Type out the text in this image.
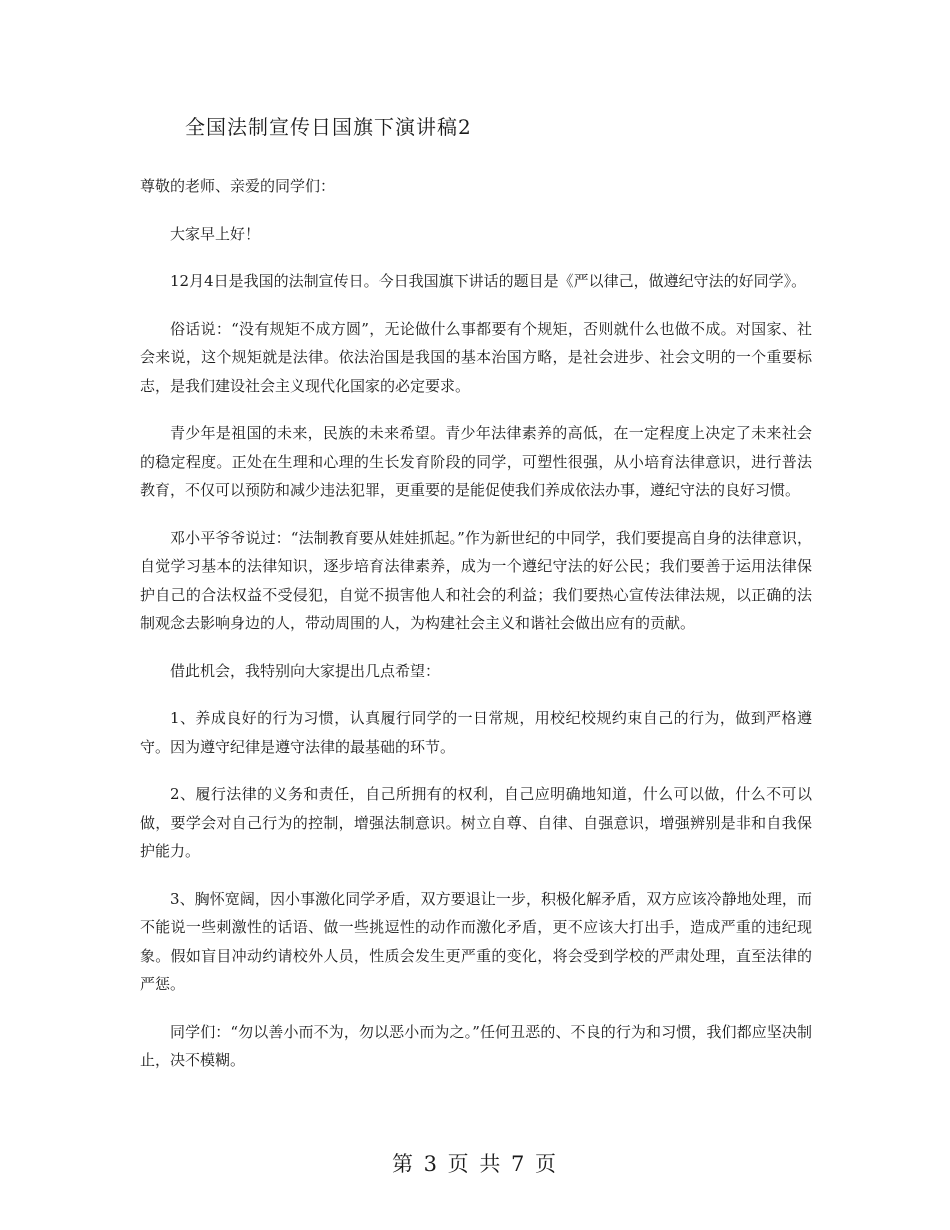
全国法制宣传日国旗下演讲稿2

尊敬的老师、亲爱的同学们：

大家早上好！

12月4日是我国的法制宣传日。今日我国旗下讲话的题目是《严以律己，做遵纪守法的好同学》。

俗话说：“没有规矩不成方圆”，无论做什么事都要有个规矩，否则就什么也做不成。对国家、社会来说，这个规矩就是法律。依法治国是我国的基本治国方略，是社会进步、社会文明的一个重要标志，是我们建设社会主义现代化国家的必定要求。

青少年是祖国的未来，民族的未来希望。青少年法律素养的高低，在一定程度上决定了未来社会的稳定程度。正处在生理和心理的生长发育阶段的同学，可塑性很强，从小培育法律意识，进行普法教育，不仅可以预防和减少违法犯罪，更重要的是能促使我们养成依法办事，遵纪守法的良好习惯。

邓小平爷爷说过：“法制教育要从娃娃抓起。”作为新世纪的中同学，我们要提高自身的法律意识，自觉学习基本的法律知识，逐步培育法律素养，成为一个遵纪守法的好公民；我们要善于运用法律保护自己的合法权益不受侵犯，自觉不损害他人和社会的利益；我们要热心宣传法律法规，以正确的法制观念去影响身边的人，带动周围的人，为构建社会主义和谐社会做出应有的贡献。

借此机会，我特别向大家提出几点希望：

1、养成良好的行为习惯，认真履行同学的一日常规，用校纪校规约束自己的行为，做到严格遵守。因为遵守纪律是遵守法律的最基础的环节。

2、履行法律的义务和责任，自己所拥有的权利，自己应明确地知道，什么可以做，什么不可以做，要学会对自己行为的控制，增强法制意识。树立自尊、自律、自强意识，增强辨别是非和自我保护能力。

3、胸怀宽阔，因小事激化同学矛盾，双方要退让一步，积极化解矛盾，双方应该冷静地处理，而不能说一些刺激性的话语、做一些挑逗性的动作而激化矛盾，更不应该大打出手，造成严重的违纪现象。假如盲目冲动约请校外人员，性质会发生更严重的变化，将会受到学校的严肃处理，直至法律的严惩。

同学们：“勿以善小而不为，勿以恶小而为之。”任何丑恶的、不良的行为和习惯，我们都应坚决制止，决不模糊。

第 3 页 共 7 页
